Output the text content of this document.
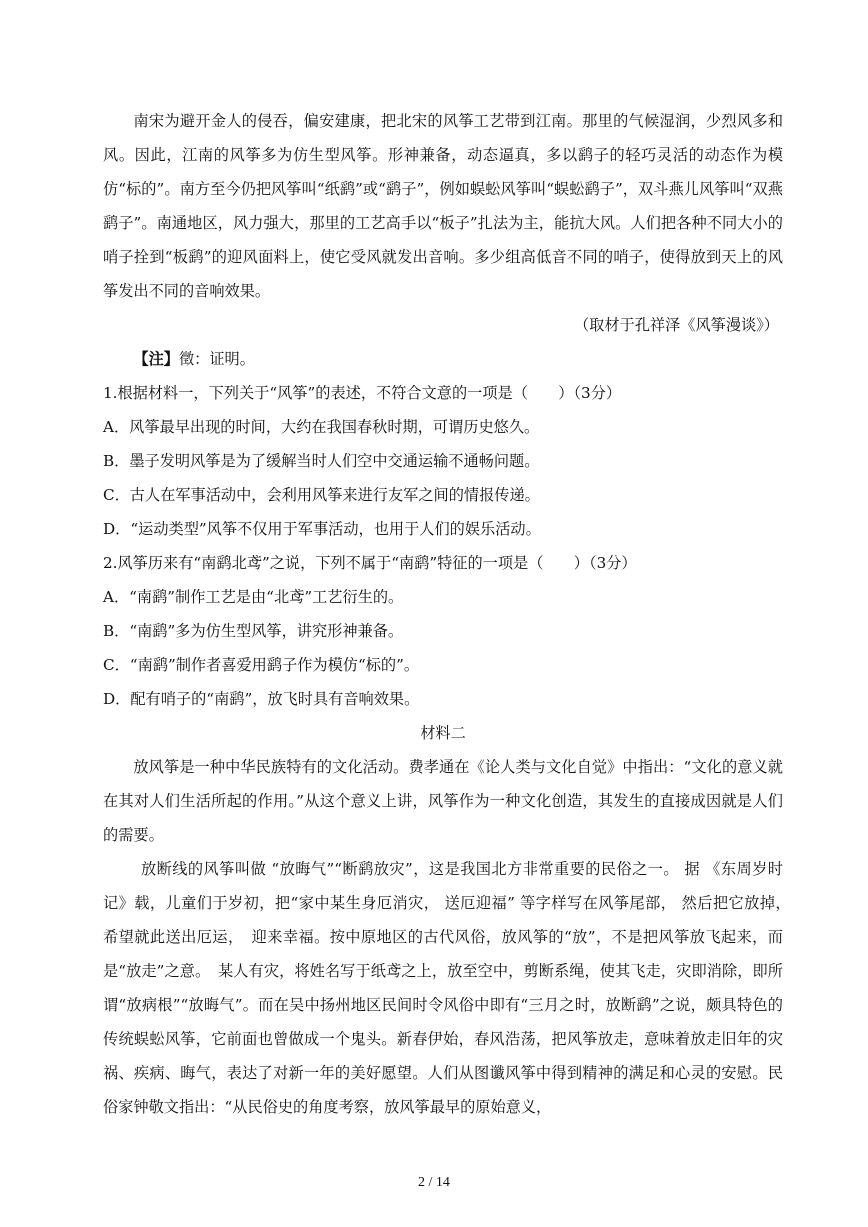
南宋为避开金人的侵吞，偏安建康，把北宋的风筝工艺带到江南。那里的气候湿润，少烈风多和风。因此，江南的风筝多为仿生型风筝。形神兼备，动态逼真，多以鹞子的轻巧灵活的动态作为模仿“标的”。南方至今仍把风筝叫“纸鹞”或“鹞子”，例如蜈蚣风筝叫“蜈蚣鹞子”，双斗燕儿风筝叫“双燕鹞子”。南通地区，风力强大，那里的工艺高手以“板子”扎法为主，能抗大风。人们把各种不同大小的哨子拴到“板鹞”的迎风面料上，使它受风就发出音响。多少组高低音不同的哨子，使得放到天上的风筝发出不同的音响效果。

（取材于孔祥泽《风筝漫谈》）

【注】徵：证明。

1.根据材料一，下列关于“风筝”的表述，不符合文意的一项是（　　）（3分）

A．风筝最早出现的时间，大约在我国春秋时期，可谓历史悠久。

B．墨子发明风筝是为了缓解当时人们空中交通运输不通畅问题。

C．古人在军事活动中，会利用风筝来进行友军之间的情报传递。

D．“运动类型”风筝不仅用于军事活动，也用于人们的娱乐活动。

2.风筝历来有“南鹞北鸢”之说，下列不属于“南鹞”特征的一项是（　　）（3分）

A．“南鹞”制作工艺是由“北鸢”工艺衍生的。

B．“南鹞”多为仿生型风筝，讲究形神兼备。

C．“南鹞”制作者喜爱用鹞子作为模仿“标的”。

D．配有哨子的“南鹞”，放飞时具有音响效果。

材料二

放风筝是一种中华民族特有的文化活动。费孝通在《论人类与文化自觉》中指出：“文化的意义就在其对人们生活所起的作用。”从这个意义上讲，风筝作为一种文化创造，其发生的直接成因就是人们的需要。

放断线的风筝叫做 “放晦气”“断鹞放灾”，这是我国北方非常重要的民俗之一。 据 《东周岁时记》载，儿童们于岁初，把“家中某生身厄消灾， 送厄迎福” 等字样写在风筝尾部， 然后把它放掉，　希望就此送出厄运，　迎来幸福。按中原地区的古代风俗，放风筝的“放”，不是把风筝放飞起来，而是“放走”之意。　某人有灾，将姓名写于纸鸢之上，放至空中，剪断系绳，使其飞走，灾即消除，即所谓“放病根”“放晦气”。而在吴中扬州地区民间时令风俗中即有“三月之时，放断鹞”之说，颇具特色的传统蜈蚣风筝，它前面也曾做成一个鬼头。新春伊始，春风浩荡，把风筝放走，意味着放走旧年的灾祸、疾病、晦气，表达了对新一年的美好愿望。人们从图谶风筝中得到精神的满足和心灵的安慰。民俗家钟敬文指出：“从民俗史的角度考察，放风筝最早的原始意义，

2 / 14
